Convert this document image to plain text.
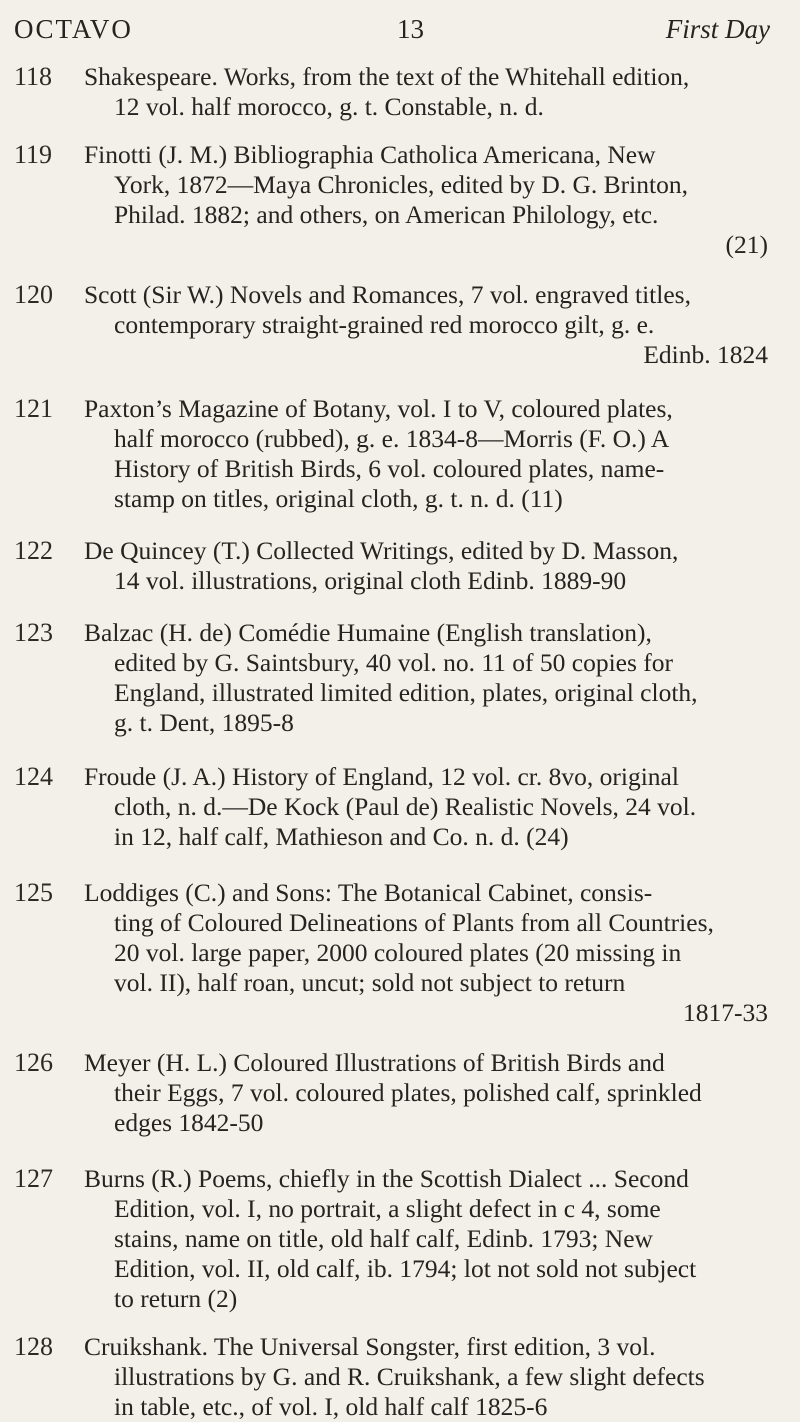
OCTAVO	13	First Day
118 Shakespeare. Works, from the text of the Whitehall edition,
12 vol. half morocco, g. t. Constable, n. d.
119 Finotti (J. M.) Bibliographia Catholica Americana, New
York, 1872—Maya Chronicles, edited by D. G. Brinton,
Philad. 1882; and others, on American Philology, etc.
(21)
120 Scott (Sir W.) Novels and Romances, 7 vol. engraved titles,
contemporary straight-grained red morocco gilt, g. e.
Edinb. 1824
121 Paxton’s Magazine of Botany, vol. I to V, coloured plates,
half morocco (rubbed), g. e. 1834-8—Morris (F. O.) A
History of British Birds, 6 vol. coloured plates, name-
stamp on titles, original cloth, g. t. n. d. (11)
122 De Quincey (T.) Collected Writings, edited by D. Masson,
14 vol. illustrations, original cloth Edinb. 1889-90
123 Balzac (H. de) Comédie Humaine (English translation),
edited by G. Saintsbury, 40 vol. no. 11 of 50 copies for
England, illustrated limited edition, plates, original cloth,
g. t. Dent, 1895-8
124 Froude (J. A.) History of England, 12 vol. cr. 8vo, original
cloth, n. d.—De Kock (Paul de) Realistic Novels, 24 vol.
in 12, half calf, Mathieson and Co. n. d. (24)
125 Loddiges (C.) and Sons: The Botanical Cabinet, consis-
ting of Coloured Delineations of Plants from all Countries,
20 vol. large paper, 2000 coloured plates (20 missing in
vol. II), half roan, uncut; sold not subject to return
1817-33
126 Meyer (H. L.) Coloured Illustrations of British Birds and
their Eggs, 7 vol. coloured plates, polished calf, sprinkled
edges 1842-50
127 Burns (R.) Poems, chiefly in the Scottish Dialect ... Second
Edition, vol. I, no portrait, a slight defect in c 4, some
stains, name on title, old half calf, Edinb. 1793; New
Edition, vol. II, old calf, ib. 1794; lot not sold not subject
to return (2)
128 Cruikshank. The Universal Songster, first edition, 3 vol.
illustrations by G. and R. Cruikshank, a few slight defects
in table, etc., of vol. I, old half calf 1825-6
